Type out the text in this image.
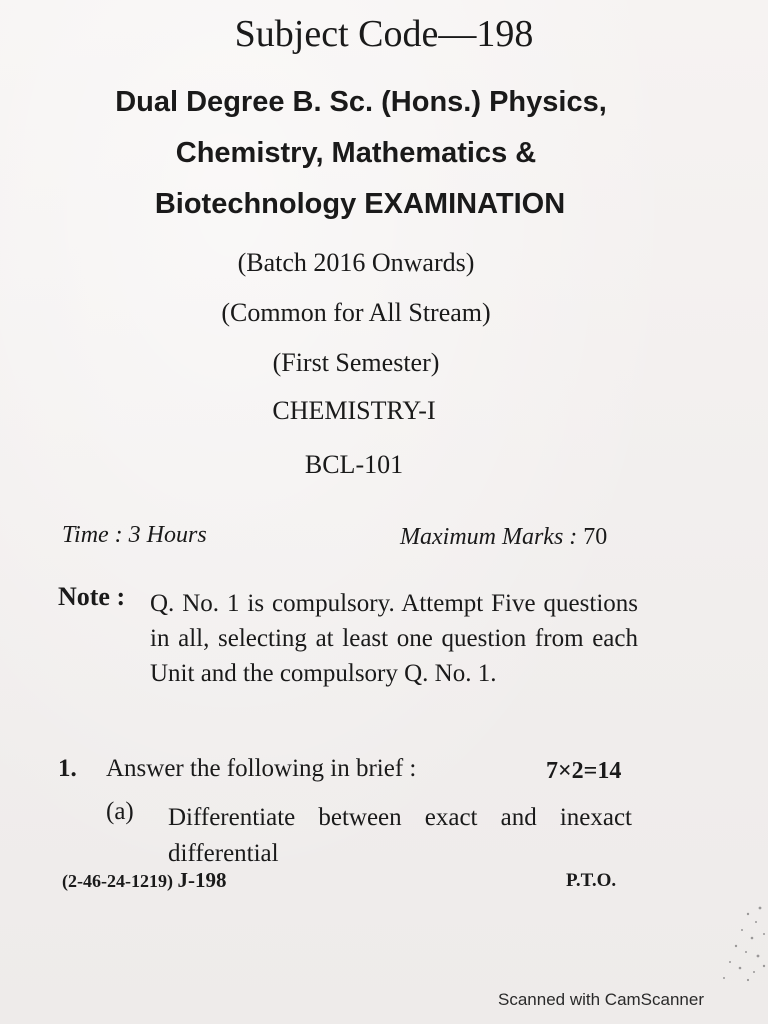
Subject Code—198
Dual Degree B. Sc. (Hons.) Physics,
Chemistry, Mathematics &
Biotechnology EXAMINATION
(Batch 2016 Onwards)
(Common for All Stream)
(First Semester)
CHEMISTRY-I
BCL-101
Time : 3 Hours	Maximum Marks : 70
Note : Q. No. 1 is compulsory. Attempt Five questions in all, selecting at least one question from each Unit and the compulsory Q. No. 1.
1. Answer the following in brief :	7×2=14
(a) Differentiate between exact and inexact differential
(2-46-24-1219) J-198	P.T.O.
Scanned with CamScanner
